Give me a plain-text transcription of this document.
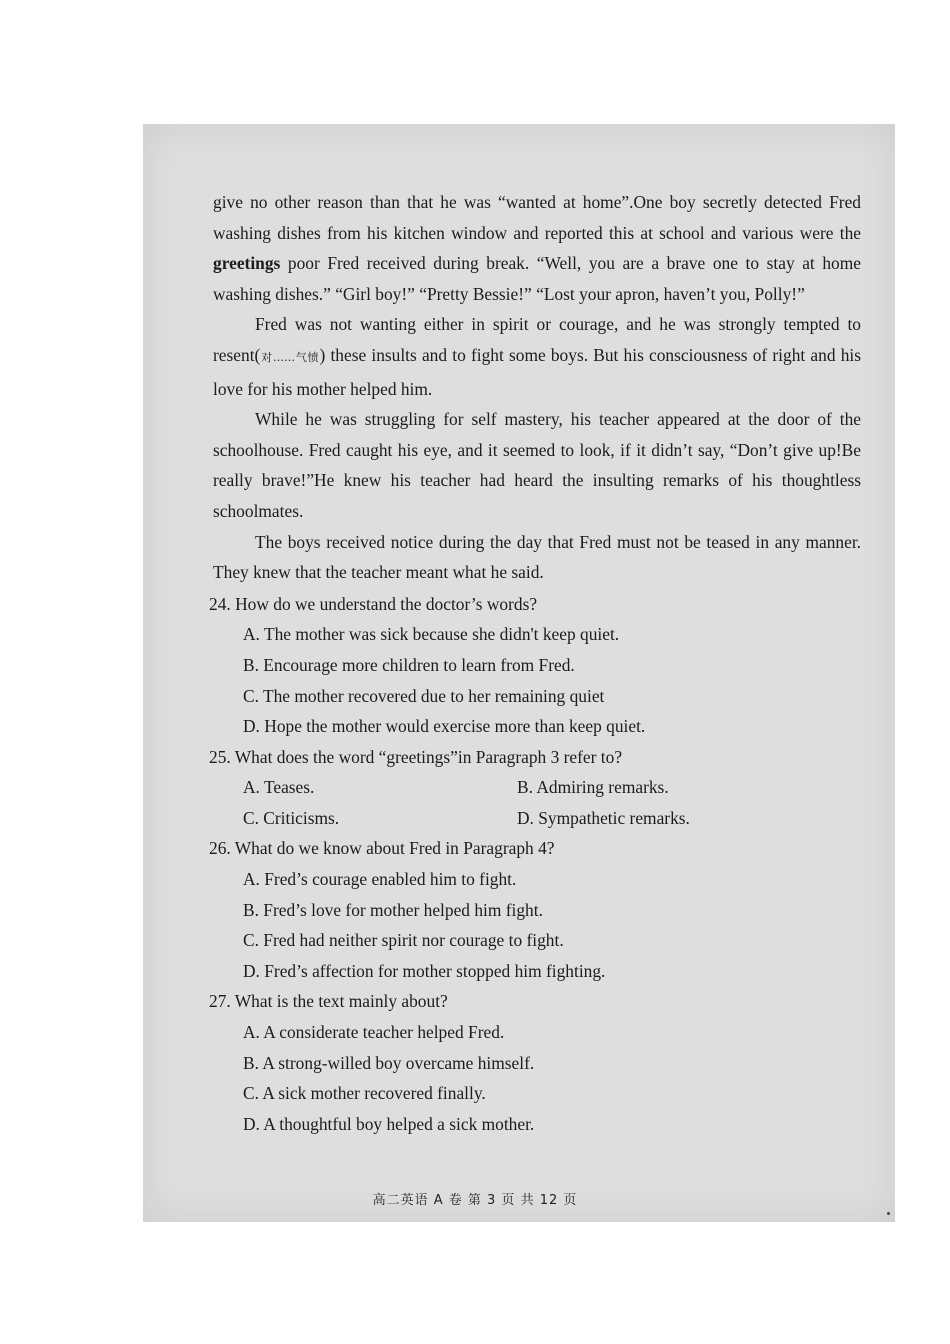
give no other reason than that he was “wanted at home”.One boy secretly detected Fred washing dishes from his kitchen window and reported this at school and various were the greetings poor Fred received during break. “Well, you are a brave one to stay at home washing dishes.” “Girl boy!” “Pretty Bessie!” “Lost your apron, haven’t you, Polly!”

Fred was not wanting either in spirit or courage, and he was strongly tempted to resent(对……气愤) these insults and to fight some boys. But his consciousness of right and his love for his mother helped him.

While he was struggling for self mastery, his teacher appeared at the door of the schoolhouse. Fred caught his eye, and it seemed to look, if it didn’t say, “Don’t give up!Be really brave!”He knew his teacher had heard the insulting remarks of his thoughtless schoolmates.

The boys received notice during the day that Fred must not be teased in any manner. They knew that the teacher meant what he said.

24. How do we understand the doctor’s words?

A. The mother was sick because she didn't keep quiet.
B. Encourage more children to learn from Fred.
C. The mother recovered due to her remaining quiet
D. Hope the mother would exercise more than keep quiet.

25. What does the word “greetings”in Paragraph 3 refer to?

A. Teases.	B. Admiring remarks.
C. Criticisms.	D. Sympathetic remarks.

26. What do we know about Fred in Paragraph 4?

A. Fred’s courage enabled him to fight.
B. Fred’s love for mother helped him fight.
C. Fred had neither spirit nor courage to fight.
D. Fred’s affection for mother stopped him fighting.

27. What is the text mainly about?

A. A considerate teacher helped Fred.
B. A strong-willed boy overcame himself.
C. A sick mother recovered finally.
D. A thoughtful boy helped a sick mother.
高二英语 A 卷 第 3 页 共 12 页
